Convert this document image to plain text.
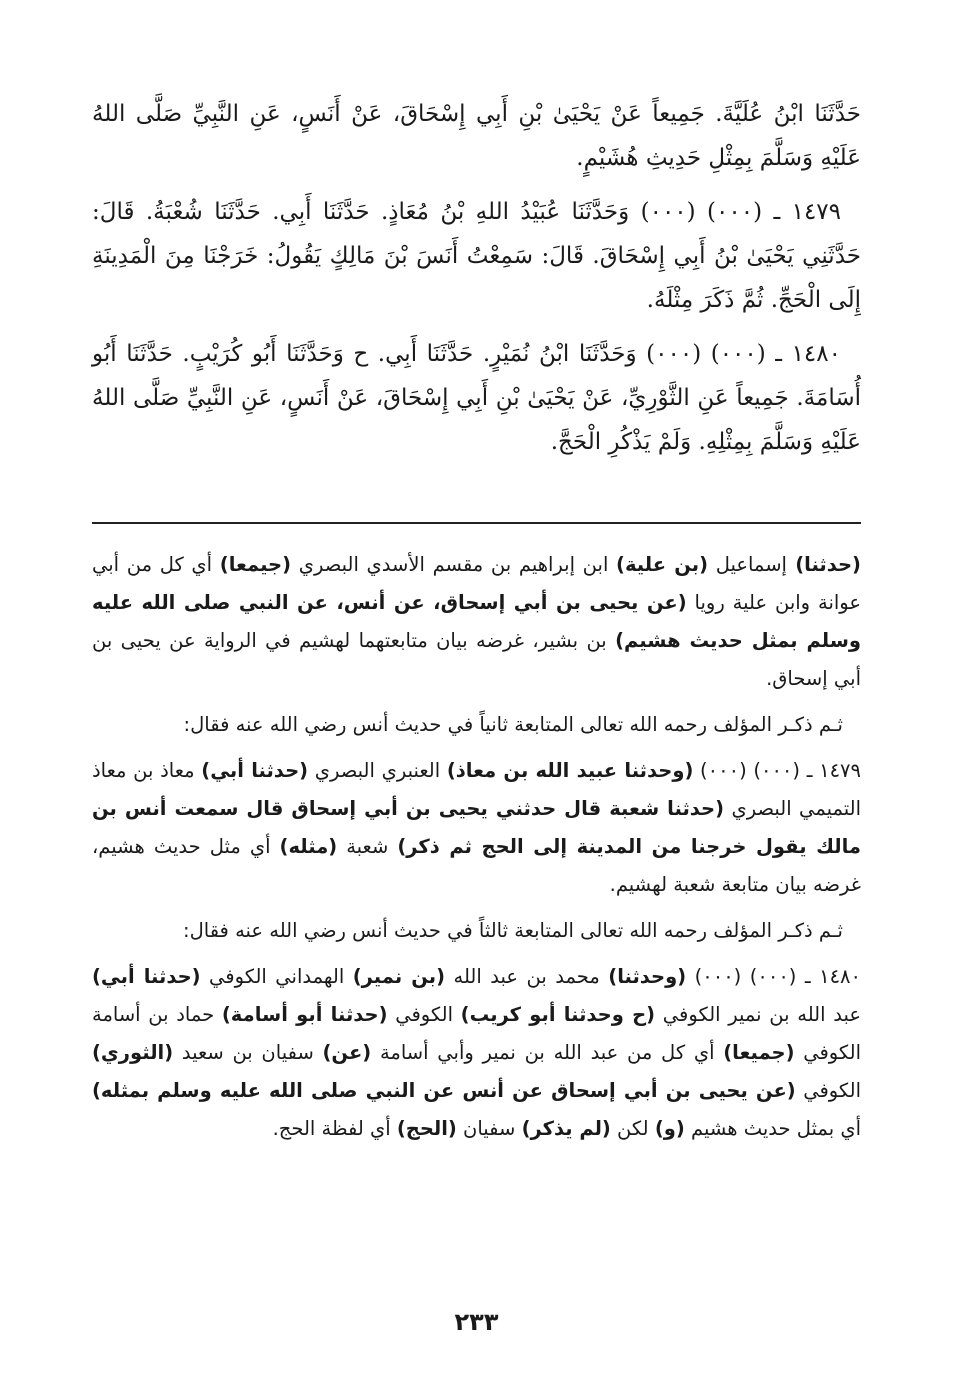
حَدَّثَنَا ابْنُ عُلَيَّةَ. جَمِيعاً عَنْ يَحْيَىٰ بْنِ أَبِي إِسْحَاقَ، عَنْ أَنَسٍ، عَنِ النَّبِيِّ صَلَّى اللهُ عَلَيْهِ وَسَلَّمَ بِمِثْلِ حَدِيثِ هُشَيْمٍ.

١٤٧٩ ـ (٠٠٠) (٠٠٠) وَحَدَّثَنَا عُبَيْدُ اللهِ بْنُ مُعَاذٍ. حَدَّثَنَا أَبِي. حَدَّثَنَا شُعْبَةُ. قَالَ: حَدَّثَنِي يَحْيَىٰ بْنُ أَبِي إِسْحَاقَ. قَالَ: سَمِعْتُ أَنَسَ بْنَ مَالِكٍ يَقُولُ: خَرَجْنَا مِنَ الْمَدِينَةِ إِلَى الْحَجِّ. ثُمَّ ذَكَرَ مِثْلَهُ.

١٤٨٠ ـ (٠٠٠) (٠٠٠) وَحَدَّثَنَا ابْنُ نُمَيْرٍ. حَدَّثَنَا أَبِي. ح وَحَدَّثَنَا أَبُو كُرَيْبٍ. حَدَّثَنَا أَبُو أُسَامَةَ. جَمِيعاً عَنِ الثَّوْرِيِّ، عَنْ يَحْيَىٰ بْنِ أَبِي إِسْحَاقَ، عَنْ أَنَسٍ، عَنِ النَّبِيِّ صَلَّى اللهُ عَلَيْهِ وَسَلَّمَ بِمِثْلِهِ. وَلَمْ يَذْكُرِ الْحَجَّ.

(حدثنا) إسماعيل (بن علية) ابن إبراهيم بن مقسم الأسدي البصري (جيمعا) أي كل من أبي عوانة وابن علية رويا (عن يحيى بن أبي إسحاق، عن أنس، عن النبي صلى الله عليه وسلم بمثل حديث هشيم) بن بشير، غرضه بيان متابعتهما لهشيم في الرواية عن يحيى بن أبي إسحاق.

ثـم ذكـر المؤلف رحمه الله تعالى المتابعة ثانياً في حديث أنس رضي الله عنه فقال:

١٤٧٩ ـ (٠٠٠) (٠٠٠) (وحدثنا عبيد الله بن معاذ) العنبري البصري (حدثنا أبي) معاذ بن معاذ التميمي البصري (حدثنا شعبة قال حدثني يحيى بن أبي إسحاق قال سمعت أنس بن مالك يقول خرجنا من المدينة إلى الحج ثم ذكر) شعبة (مثله) أي مثل حديث هشيم، غرضه بيان متابعة شعبة لهشيم.

ثـم ذكـر المؤلف رحمه الله تعالى المتابعة ثالثاً في حديث أنس رضي الله عنه فقال:

١٤٨٠ ـ (٠٠٠) (٠٠٠) (وحدثنا) محمد بن عبد الله (بن نمير) الهمداني الكوفي (حدثنا أبي) عبد الله بن نمير الكوفي (ح وحدثنا أبو كريب) الكوفي (حدثنا أبو أسامة) حماد بن أسامة الكوفي (جميعا) أي كل من عبد الله بن نمير وأبي أسامة (عن) سفيان بن سعيد (الثوري) الكوفي (عن يحيى بن أبي إسحاق عن أنس عن النبي صلى الله عليه وسلم بمثله) أي بمثل حديث هشيم (و) لكن (لم يذكر) سفيان (الحج) أي لفظة الحج.

٢٣٣
